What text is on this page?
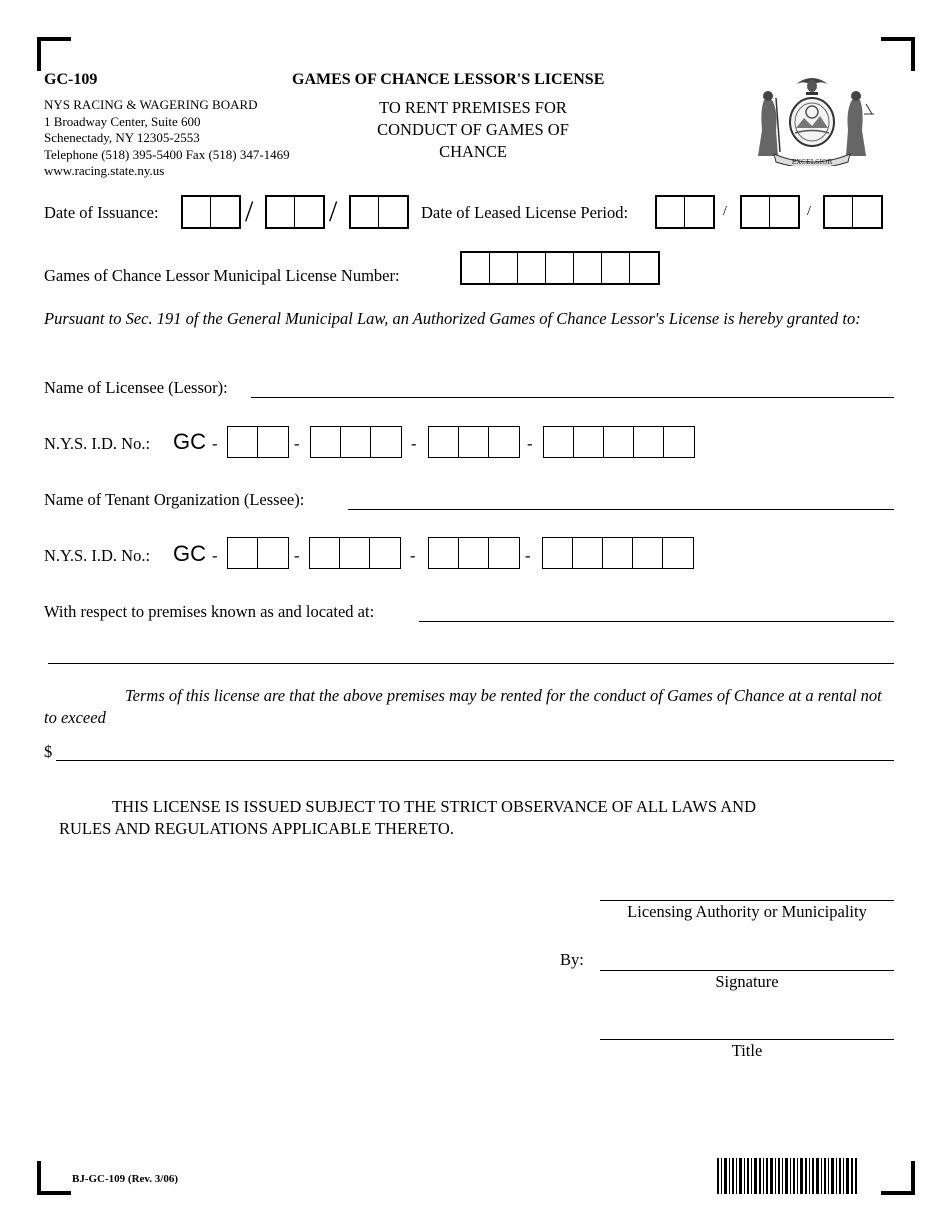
GC-109	GAMES OF CHANCE LESSOR'S LICENSE
NYS RACING & WAGERING BOARD
1 Broadway Center, Suite 600
Schenectady, NY 12305-2553
Telephone (518) 395-5400 Fax (518) 347-1469
www.racing.state.ny.us
TO RENT PREMISES FOR CONDUCT OF GAMES OF CHANCE
EXCELSIOR
Date of Issuance:	/	/	Date of Leased License Period:	/	/
Games of Chance Lessor Municipal License Number:
Pursuant to Sec. 191 of the General Municipal Law, an Authorized Games of Chance Lessor's License is hereby granted to:
Name of Licensee (Lessor):
N.Y.S. I.D. No.: GC -	-	-	-
Name of Tenant Organization (Lessee):
N.Y.S. I.D. No.: GC -	-	-	-
With respect to premises known as and located at:
Terms of this license are that the above premises may be rented for the conduct of Games of Chance at a rental not to exceed
$
THIS LICENSE IS ISSUED SUBJECT TO THE STRICT OBSERVANCE OF ALL LAWS AND
RULES AND REGULATIONS APPLICABLE THERETO.
Licensing Authority or Municipality
By:
Signature
Title
BJ-GC-109 (Rev. 3/06)
